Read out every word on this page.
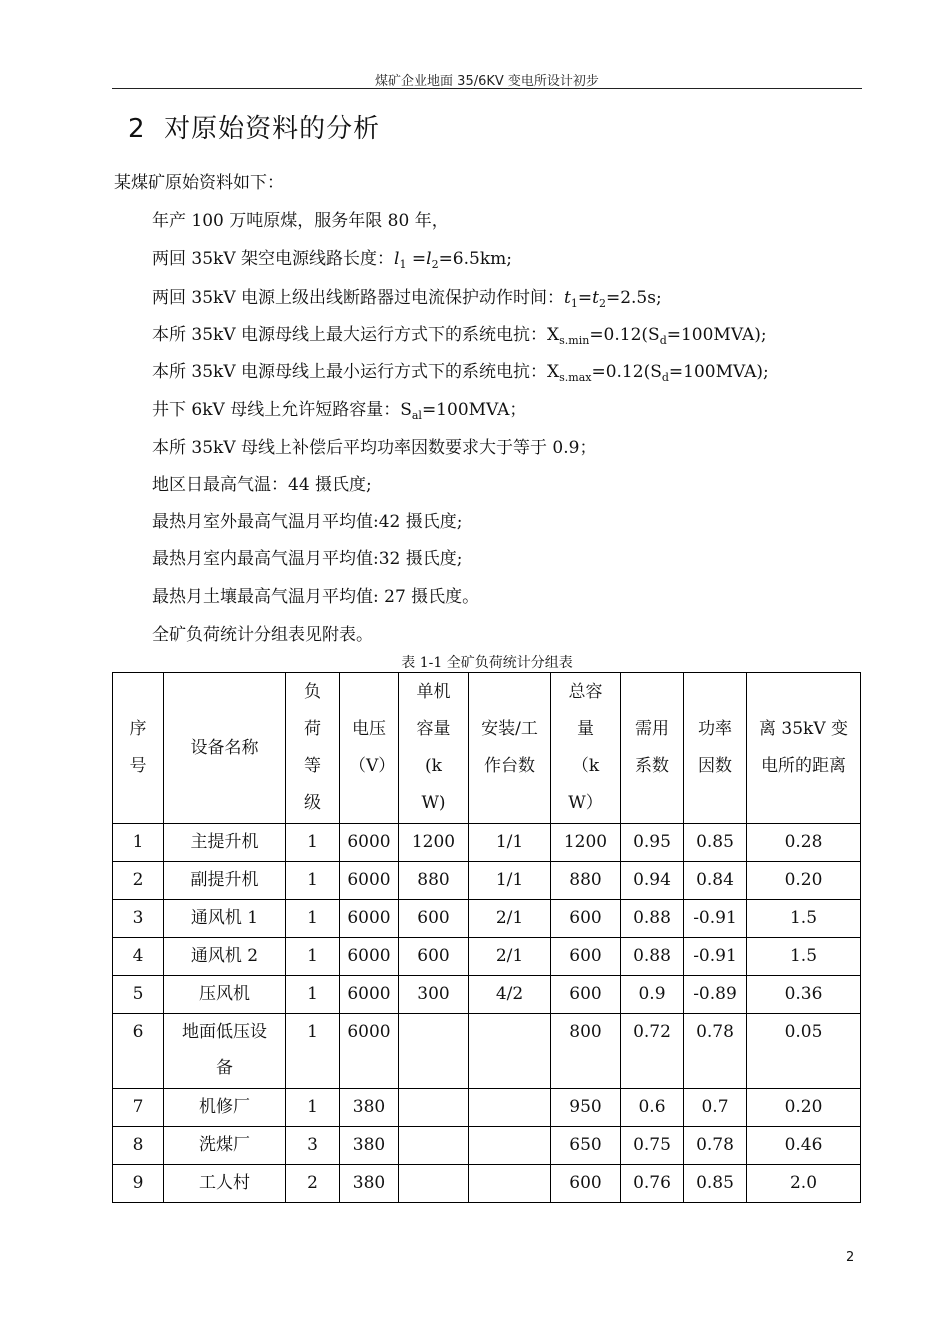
煤矿企业地面 35/6KV 变电所设计初步
2 对原始资料的分析
某煤矿原始资料如下：
年产 100 万吨原煤，服务年限 80 年，
两回 35kV 架空电源线路长度：$l_1 =l_2=6.5km$;
两回 35kV 电源上级出线断路器过电流保护动作时间：$t_1=t_2=2.5s$;
本所 35kV 电源母线上最大运行方式下的系统电抗：$X_{s.min}=0.12(S_d=100MVA)$;
本所 35kV 电源母线上最小运行方式下的系统电抗：$X_{s.max}=0.12(S_d=100MVA)$;
井下 6kV 母线上允许短路容量：$S_{al}=100MVA$；
本所 35kV 母线上补偿后平均功率因数要求大于等于 0.9；
地区日最高气温：44 摄氏度;
最热月室外最高气温月平均值:42 摄氏度;
最热月室内最高气温月平均值:32 摄氏度;
最热月土壤最高气温月平均值: 27 摄氏度。
全矿负荷统计分组表见附表。
表 1-1 全矿负荷统计分组表
序号	设备名称	负荷等级	电压（V）	单机容量(kW)	安装/工作台数	总容量（kW）	需用系数	功率因数	离 35kV 变电所的距离
1	主提升机	1	6000	1200	1/1	1200	0.95	0.85	0.28
2	副提升机	1	6000	880	1/1	880	0.94	0.84	0.20
3	通风机 1	1	6000	600	2/1	600	0.88	-0.91	1.5
4	通风机 2	1	6000	600	2/1	600	0.88	-0.91	1.5
5	压风机	1	6000	300	4/2	600	0.9	-0.89	0.36
6	地面低压设备	1	6000			800	0.72	0.78	0.05
7	机修厂	1	380			950	0.6	0.7	0.20
8	洗煤厂	3	380			650	0.75	0.78	0.46
9	工人村	2	380			600	0.76	0.85	2.0
2
